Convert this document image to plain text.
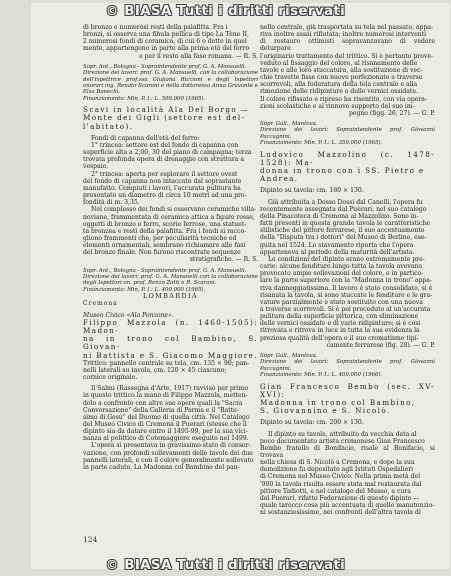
© BIASA Tutti i diritti riservati

di bronzo e numerosi resti della palafitta. Fra i

bronzi, si osserva una fibula pellica di tipo La Tène II,

2 numerosi fondi di ceramica, di cui 6 o dette in quel

mente, appartengono in parte alla prima età del ferro

e per il resto alla fase romana. — R. S.

Sopr. Ant., Bologna - Sopraintendente prof. G. A. Mansuelli.

Direzione dei lavori: prof. G. A. Mansuelli, con la collaborazione dell'Ispettrice prof.ssa Giuliana Riccioni e degli Ispettori onorari ing. Renato Scarani e della dottoressa Anna Gravante e Elsa Bonechi.

Finanziamento: Min. P. I.: L. 500.000 (1965).

Scavi in località Ala Del Borgo —

Monte dei Gigli (settore est del-

l'abitato).

Fondi di capanna dell'età del ferro:

1° trincea: settore est del fondo di capanna con

superficie alta a 2,00, 30 del piano di campagna; terza

trovata profonda opera di drenaggio con struttura a

vespaio.

2° trincea: aperta per esplorare il settore ovest

del fondo di capanna non intaccato dal soprastante

manufatto. Compiuti i lavori, l'accurata pulitura ha

presentato un diametro di circa 10 metri ad una pro-

fondità di m. 3,35.

Nel complesso dei fondi si osservano ceramiche villa-

noviane, frammentata di ceramica attica a figure rosse,

oggetti di bronzo e ferro, scorie ferrose, una statuet-

ta bronzea e resti della palafitta. Fra i fondi si racco-

gliono frammenti che, per peculiarità tecniche ed

elementi ornamentali, sembrano richiamare alle fasi

del bronzo finale. Non furono riscontrate sequenze

stratigrafiche. — R. S.

Sopr. Ant., Bologna - Sopraintendente prof. G. A. Mansuelli.

Direzione dei lavori: prof. G. A. Mansuelli con la collaborazione degli Ispettori on. prof. Renzo Zotti e R. Scarani.

Finanziamento: Min. P. I.: L. 400.000 (1965).

LOMBARDIA

Cremona

Museo Civico «Ala Ponzone».

Filippo Mazzola (n. 1460-1505): Madon-

na in trono col Bambino, S. Giovan-

ni Battista e S. Giacomo Maggiore.

Trittico: pannello centrale su tela, cm. 135 × 90; pan-

nelli laterali su tavola, cm. 120 × 45 ciascuno;

cornice originale.

Il Salmi (Rassegna d'Arte, 1917) ravvisò per primo

in questo trittico la mano di Filippo Mazzola, metten-

dolo a confronto con altre sue opere quali la "Sacra

Conversazione" della Galleria di Parma e il "Batte-

simo di Gesù" del Duomo di quella città. Nel Catalogo

del Museo Civico di Cremona il Puerari (stesse che il

dipinto sia da datare entro il 1495-99, per la sua vici-

nanza al polittico di Cotemaggiore eseguito nel 1499.

L'opera si presentava in gravissimo stato di conser-

vazione, con profondi sollevamenti delle tavole dei due

pannelli laterali, e con il colore generalmente sollevato

in parte caduto. La Madonna col Bambino del pan-

nello centrale, già trasportata su tela nel passato, appa-

riva inoltre assai rifiutata; inoltre numerosi interventi

di restauro ottimisti sopravanzavano di vedere deturpare

l'originario trattamento del trittico. Si è pertanto prove-

veduto al fissaggio del colore, al risanamento delle

tavole e alle loro stuccatura, alla sostituzione di vec-

chie travette fisse con nuove perfezionate a traverse

scorrevoli, alla foderatura della tela centrale e alla

rimozione delle ridipinture e delle vernici ossidate.

Il colore rifissato e ripreso ha risentito, con via opera-

zioni scolastiche e al rinnovo supporto del suo im-

pegno (figg. 26, 27). — G. P.

Sopr. Gall., Mantova.

Direzione dei lavori: Sopraintendente prof. Giovanni Paccagnini.

Finanziamento: Min. P. I.: L. 350.000 (1965).

Ludovico Mazzolino (c. 1478-1528): Ma-

donna in trono con i SS. Pietro e

Andrea.

Dipinto su tavola: cm. 180 × 130.

Già attribuita a Dosso Dossi dal Canelli, l'opera fu

recentemente assegnata dal Puerari, nel suo catalogo

della Pinacoteca di Cremona al Mazzolino. Sono in-

fatti presenti in questa grande tavola le caratteristiche

stilistiche del pittore ferrarese, il suo accentuamento

della "Disputa tra i dottori" del Museo di Berlino, ese-

guita nel 1524. Lo stavamento riporta che l'opera

apparteneva al periodo della maturità dell'artista.

Le condizioni del dipinto erano estremamente pre-

carie: alcune fenditure lungo tutta la tavola avevano

provocato ampie sollevazioni del colore, e in partico-

lare la parte superiore con la "Madonna in trono" appa-

riva danneggiatissima. Il lavoro è stato consolidato, si è

risanata la tavola, si sono stuccate le fenditure e le gra-

vature parzialmente è stato sostituito con una nuova

a traverse scorrevoli. Si è poi proceduto al un'accurata

pulitura della superficie pittorica, con eliminazione

delle vernici ossidate e di varie ridipinture; si è così

ritrovata e ritrova in luce in tutta la sua evidenza la

preziosa qualità dell'opera e il suo cromatismo tipi-

camente ferrarese (fig. 28). — G. P.

Sopr. Gall., Mantova.

Direzione dei lavori: Sopraintendente prof. Giovanni Paccagnini.

Finanziamento: Min. P. I.: L. 400.000 (1966).

Gian Francesco Bembo (sec. XV-XVI):

Madonna in trono col Bambino,

S. Giovannino e S. Nicolò.

Dipinto su tavola: cm. 200 × 130.

Il dipinto su tavola, attribuito da vecchia data al

poco documentato artista cremonese Gian Francesco

Bembo fratello di Bonifacio, risale al Bonifacio, si trovava

nella chiesa di S. Nicolò a Cremona, e dopo la sua

demolizione fu depositato agli Istituti Ospedalieri

di Cremona nel Museo Civico. Nella prima metà del

'900 la tavola risulta essere stata mal restaurata dal

pittore Tadiotti, e nel catalogo del Museo, a cura

del Puerari, rifatto Federazione di questo dipinto —

quale tarocco cosa più accentuata di quelle manutenzio-

ni sostanziosissime, nei confronti dell'altra tavola di

124
© BIASA Tutti i diritti riservati
